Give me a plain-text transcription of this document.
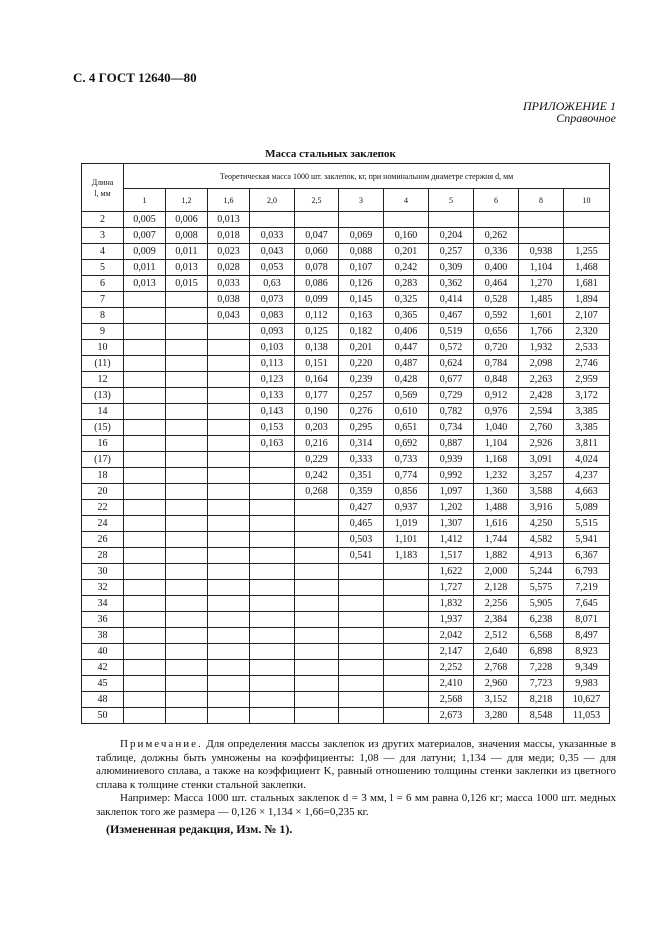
С. 4 ГОСТ 12640—80
ПРИЛОЖЕНИЕ 1
Справочное
Масса стальных заклепок
Длина
l, мм	Теоретическая масса 1000 шт. заклепок, кг, при номинальном диаметре стержня d, мм										
	1	1,2	1,6	2,0	2,5	3	4	5	6	8	10
2	0,005	0,006	0,013								
3	0,007	0,008	0,018	0,033	0,047	0,069	0,160	0,204	0,262		
4	0,009	0,011	0,023	0,043	0,060	0,088	0,201	0,257	0,336	0,938	1,255
5	0,011	0,013	0,028	0,053	0,078	0,107	0,242	0,309	0,400	1,104	1,468
6	0,013	0,015	0,033	0,63	0,086	0,126	0,283	0,362	0,464	1,270	1,681
7			0,038	0,073	0,099	0,145	0,325	0,414	0,528	1,485	1,894
8			0,043	0,083	0,112	0,163	0,365	0,467	0,592	1,601	2,107
9				0,093	0,125	0,182	0,406	0,519	0,656	1,766	2,320
10				0,103	0,138	0,201	0,447	0,572	0,720	1,932	2,533
(11)				0,113	0,151	0,220	0,487	0,624	0,784	2,098	2,746
12				0,123	0,164	0,239	0,428	0,677	0,848	2,263	2,959
(13)				0,133	0,177	0,257	0,569	0,729	0,912	2,428	3,172
14				0,143	0,190	0,276	0,610	0,782	0,976	2,594	3,385
(15)				0,153	0,203	0,295	0,651	0,734	1,040	2,760	3,385
16				0,163	0,216	0,314	0,692	0,887	1,104	2,926	3,811
(17)					0,229	0,333	0,733	0,939	1,168	3,091	4,024
18					0,242	0,351	0,774	0,992	1,232	3,257	4,237
20					0,268	0,359	0,856	1,097	1,360	3,588	4,663
22						0,427	0,937	1,202	1,488	3,916	5,089
24						0,465	1,019	1,307	1,616	4,250	5,515
26						0,503	1,101	1,412	1,744	4,582	5,941
28						0,541	1,183	1,517	1,882	4,913	6,367
30								1,622	2,000	5,244	6,793
32								1,727	2,128	5,575	7,219
34								1,832	2,256	5,905	7,645
36								1,937	2,384	6,238	8,071
38								2,042	2,512	6,568	8,497
40								2,147	2,640	6,898	8,923
42								2,252	2,768	7,228	9,349
45								2,410	2,960	7,723	9,983
48								2,568	3,152	8,218	10,627
50								2,673	3,280	8,548	11,053

Примечание. Для определения массы заклепок из других материалов, значения массы, указанные в таблице, должны быть умножены на коэффициенты: 1,08 — для латуни; 1,134 — для меди; 0,35 — для алюминиевого сплава, а также на коэффициент K, равный отношению толщины стенки заклепки из цветного сплава к толщине стенки стальной заклепки.

Например: Масса 1000 шт. стальных заклепок d = 3 мм, l = 6 мм равна 0,126 кг; масса 1000 шт. медных заклепок того же размера — 0,126 × 1,134 × 1,66=0,235 кг.

(Измененная редакция, Изм. № 1).
